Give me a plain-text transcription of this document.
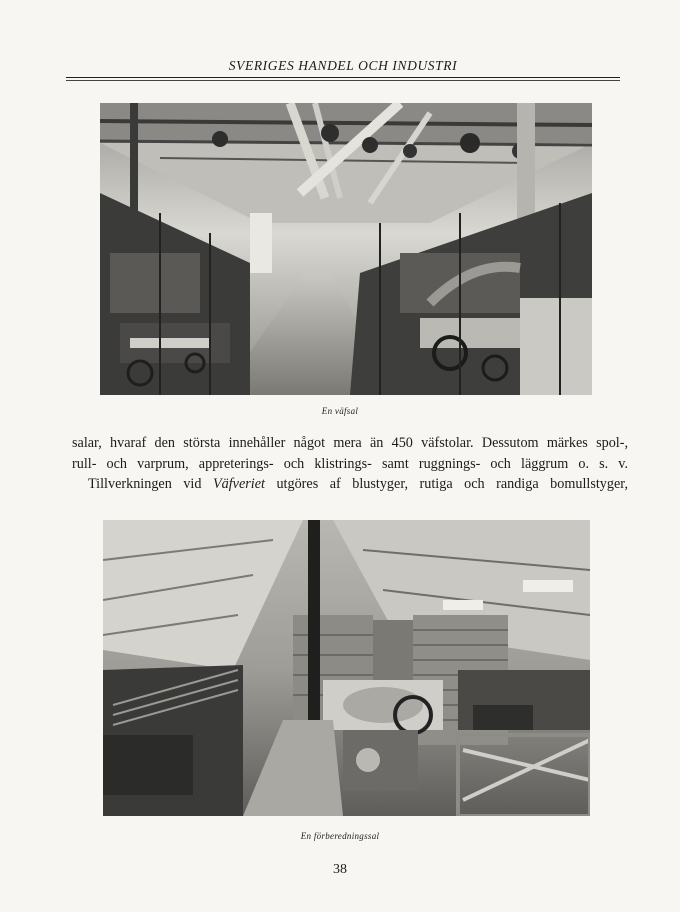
SVERIGES HANDEL OCH INDUSTRI
En väfsal
salar, hvaraf den största innehåller något mera än 450 väfstolar. Dessutom märkes spol-,
rull- och varprum, appreterings- och klistrings- samt ruggnings- och läggrum o. s. v.
Tillverkningen vid Väfveriet utgöres af blustyger, rutiga och randiga bomullstyger,
En förberedningssal
38
